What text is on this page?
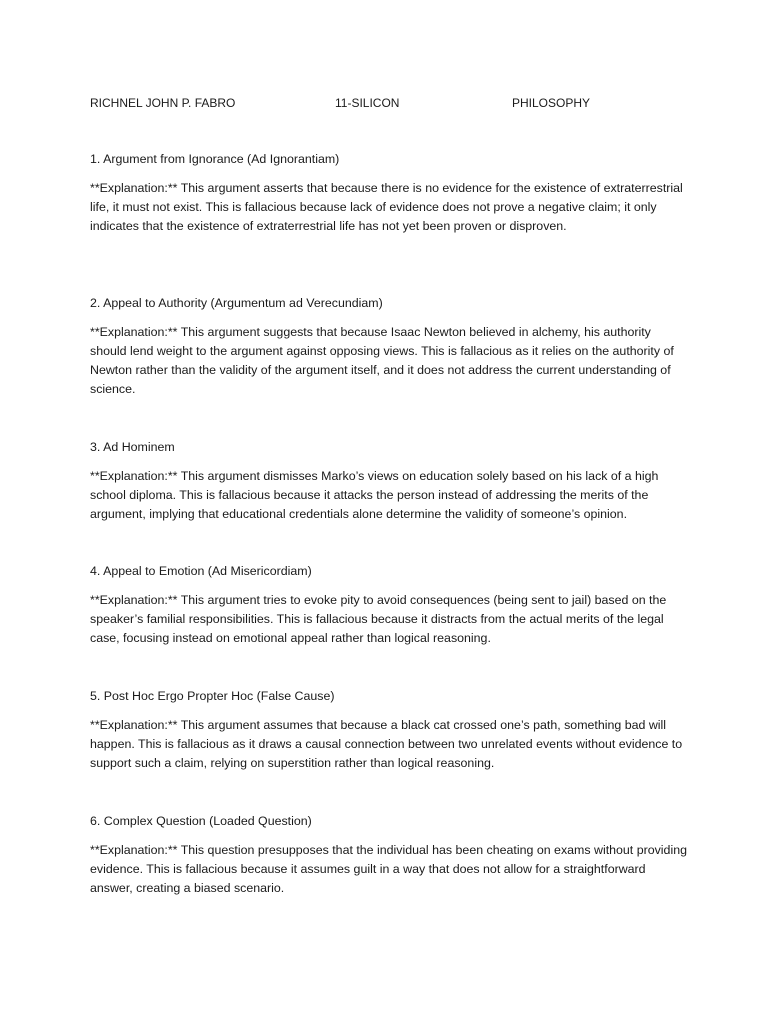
RICHNEL JOHN P. FABRO	11-SILICON	PHILOSOPHY
1. Argument from Ignorance (Ad Ignorantiam)

**Explanation:** This argument asserts that because there is no evidence for the existence of extraterrestrial life, it must not exist. This is fallacious because lack of evidence does not prove a negative claim; it only indicates that the existence of extraterrestrial life has not yet been proven or disproven.

2. Appeal to Authority (Argumentum ad Verecundiam)

**Explanation:** This argument suggests that because Isaac Newton believed in alchemy, his authority should lend weight to the argument against opposing views. This is fallacious as it relies on the authority of Newton rather than the validity of the argument itself, and it does not address the current understanding of science.

3. Ad Hominem

**Explanation:** This argument dismisses Marko’s views on education solely based on his lack of a high school diploma. This is fallacious because it attacks the person instead of addressing the merits of the argument, implying that educational credentials alone determine the validity of someone’s opinion.

4. Appeal to Emotion (Ad Misericordiam)

**Explanation:** This argument tries to evoke pity to avoid consequences (being sent to jail) based on the speaker’s familial responsibilities. This is fallacious because it distracts from the actual merits of the legal case, focusing instead on emotional appeal rather than logical reasoning.

5. Post Hoc Ergo Propter Hoc (False Cause)

**Explanation:** This argument assumes that because a black cat crossed one’s path, something bad will happen. This is fallacious as it draws a causal connection between two unrelated events without evidence to support such a claim, relying on superstition rather than logical reasoning.

6. Complex Question (Loaded Question)

**Explanation:** This question presupposes that the individual has been cheating on exams without providing evidence. This is fallacious because it assumes guilt in a way that does not allow for a straightforward answer, creating a biased scenario.
